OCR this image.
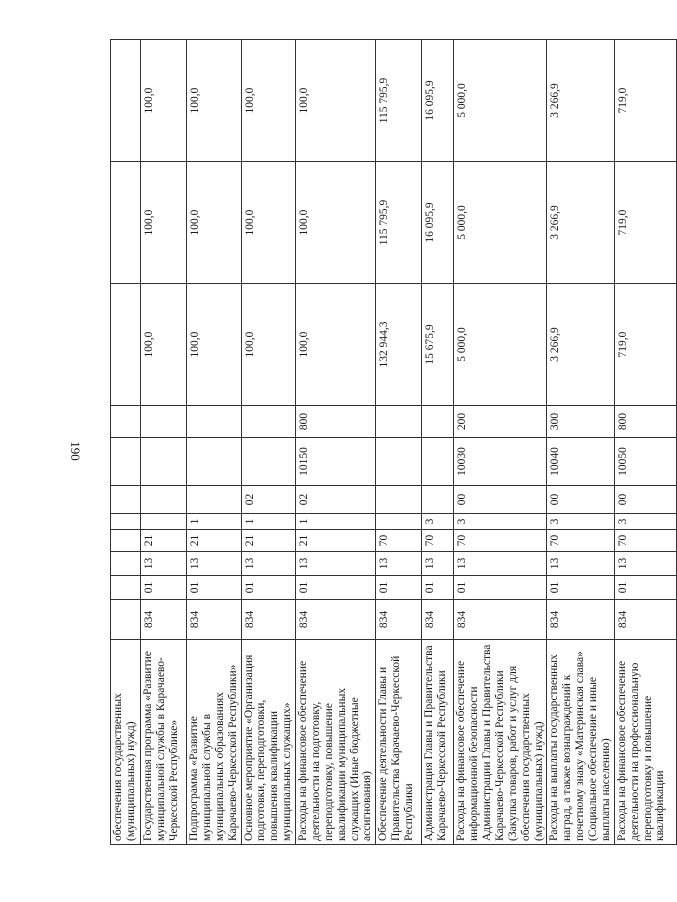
190
обеспечения государственных (муниципальных) нужд)											
Государственная программа «Развитие муниципальной службы в Карачаево-Черкесской Республике»	834	01	13	21					100,0	100,0	100,0
Подпрограмма «Развитие муниципальной службы в муниципальных образованиях Карачаево-Черкесской Республики»	834	01	13	21	1				100,0	100,0	100,0
Основное мероприятие «Организация подготовки, переподготовки, повышения квалификации муниципальных служащих»	834	01	13	21	1	02			100,0	100,0	100,0
Расходы на финансовое обеспечение деятельности на подготовку, переподготовку, повышение квалификации муниципальных служащих (Иные бюджетные ассигнования)	834	01	13	21	1	02	10150	800	100,0	100,0	100,0
Обеспечение деятельности Главы и Правительства Карачаево-Черкесской Республики	834	01	13	70					132 944,3	115 795,9	115 795,9
Администрация Главы и Правительства Карачаево-Черкесской Республики	834	01	13	70	3				15 675,9	16 095,9	16 095,9
Расходы на финансовое обеспечение информационной безопасности Администрации Главы и Правительства Карачаево-Черкесской Республики (Закупка товаров, работ и услуг для обеспечения государственных (муниципальных) нужд)	834	01	13	70	3	00	10030	200	5 000,0	5 000,0	5 000,0
Расходы на выплаты государственных наград, а также вознаграждений к почетному знаку «Материнская слава» (Социальное обеспечение и иные выплаты населению)	834	01	13	70	3	00	10040	300	3 266,9	3 266,9	3 266,9
Расходы на финансовое обеспечение деятельности на профессиональную переподготовку и повышение квалификации	834	01	13	70	3	00	10050	800	719,0	719,0	719,0
